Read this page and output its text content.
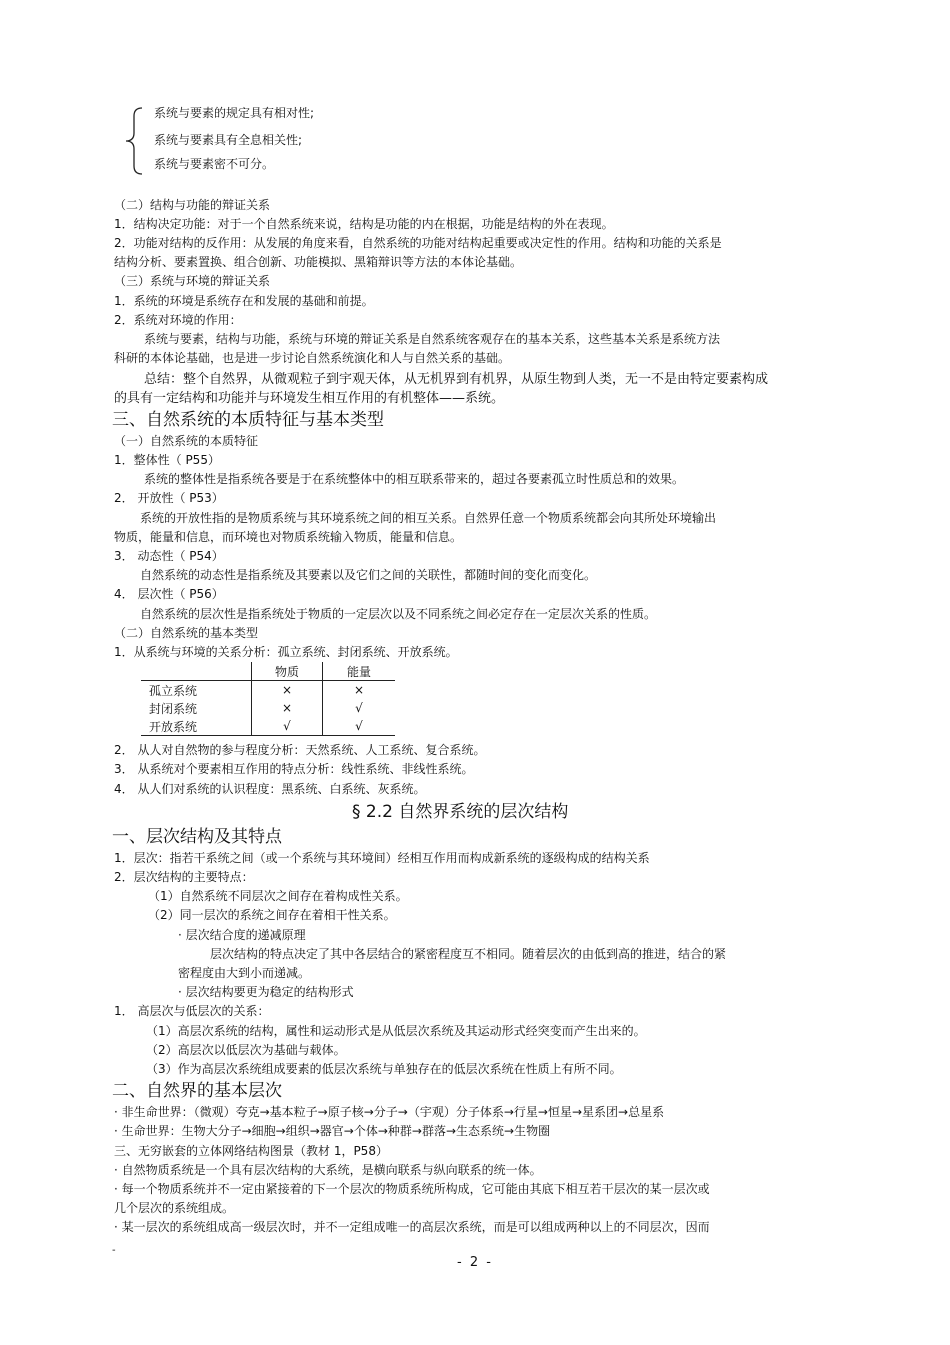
系统与要素的规定具有相对性;
系统与要素具有全息相关性;
系统与要素密不可分。
（二）结构与功能的辩证关系
1．结构决定功能：对于一个自然系统来说，结构是功能的内在根据，功能是结构的外在表现。
2．功能对结构的反作用：从发展的角度来看，自然系统的功能对结构起重要或决定性的作用。结构和功能的关系是
结构分析、要素置换、组合创新、功能模拟、黑箱辩识等方法的本体论基础。
（三）系统与环境的辩证关系
1．系统的环境是系统存在和发展的基础和前提。
2．系统对环境的作用：
系统与要素，结构与功能，系统与环境的辩证关系是自然系统客观存在的基本关系，这些基本关系是系统方法
科研的本体论基础，也是进一步讨论自然系统演化和人与自然关系的基础。
总结：整个自然界，从微观粒子到宇观天体，从无机界到有机界，从原生物到人类，无一不是由特定要素构成
的具有一定结构和功能并与环境发生相互作用的有机整体——系统。
三、自然系统的本质特征与基本类型
（一）自然系统的本质特征
1．整体性（ P55）
系统的整体性是指系统各要是于在系统整体中的相互联系带来的，超过各要素孤立时性质总和的效果。
2． 开放性（ P53）
系统的开放性指的是物质系统与其环境系统之间的相互关系。自然界任意一个物质系统都会向其所处环境输出
物质，能量和信息，而环境也对物质系统输入物质，能量和信息。
3． 动态性（ P54）
自然系统的动态性是指系统及其要素以及它们之间的关联性，都随时间的变化而变化。
4． 层次性（ P56）
自然系统的层次性是指系统处于物质的一定层次以及不同系统之间必定存在一定层次关系的性质。
（二）自然系统的基本类型
1．从系统与环境的关系分析：孤立系统、封闭系统、开放系统。
	物质	能量
孤立系统	×	×
封闭系统	×	√
开放系统	√	√
2． 从人对自然物的参与程度分析：天然系统、人工系统、复合系统。
3． 从系统对个要素相互作用的特点分析：线性系统、非线性系统。
4． 从人们对系统的认识程度：黑系统、白系统、灰系统。
§ 2.2 自然界系统的层次结构
一、层次结构及其特点
1．层次：指若干系统之间（或一个系统与其环境间）经相互作用而构成新系统的逐级构成的结构关系
2．层次结构的主要特点：
（1）自然系统不同层次之间存在着构成性关系。
（2）同一层次的系统之间存在着相干性关系。
· 层次结合度的递减原理
层次结构的特点决定了其中各层结合的紧密程度互不相同。随着层次的由低到高的推进，结合的紧
密程度由大到小而递减。
· 层次结构要更为稳定的结构形式
1． 高层次与低层次的关系：
（1）高层次系统的结构，属性和运动形式是从低层次系统及其运动形式经突变而产生出来的。
（2）高层次以低层次为基础与载体。
（3）作为高层次系统组成要素的低层次系统与单独存在的低层次系统在性质上有所不同。
二、自然界的基本层次
· 非生命世界：（微观）夸克→基本粒子→原子核→分子→（宇观）分子体系→行星→恒星→星系团→总星系
· 生命世界：生物大分子→细胞→组织→器官→个体→种群→群落→生态系统→生物圈
三、无穷嵌套的立体网络结构图景（教材 1，P58）
· 自然物质系统是一个具有层次结构的大系统，是横向联系与纵向联系的统一体。
· 每一个物质系统并不一定由紧接着的下一个层次的物质系统所构成，它可能由其底下相互若干层次的某一层次或
几个层次的系统组成。
· 某一层次的系统组成高一级层次时，并不一定组成唯一的高层次系统，而是可以组成两种以上的不同层次，因而
-
- 2 -
